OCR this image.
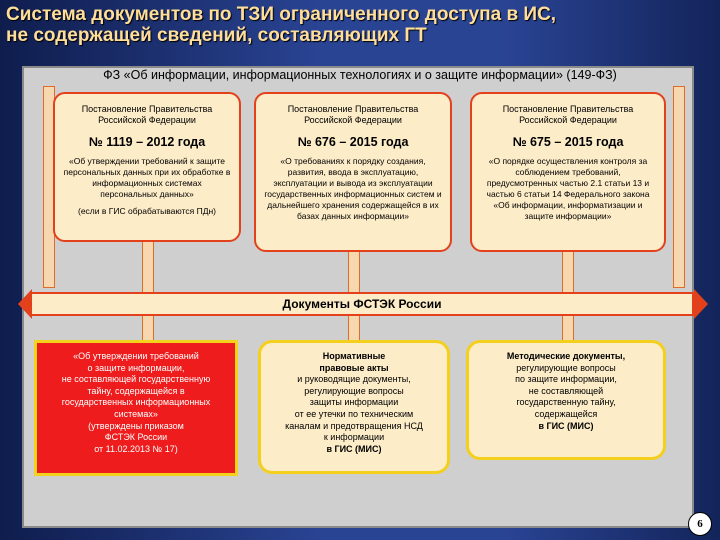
Система документов по ТЗИ ограниченного доступа в ИС,
не содержащей сведений, составляющих ГТ
ФЗ «Об информации, информационных технологиях и о защите информации» (149-ФЗ)
Постановление Правительства Российской Федерации
№ 1119 – 2012 года
«Об утверждении требований к защите персональных данных при их обработке в информационных системах персональных данных»
(если в ГИС обрабатываются ПДн)
Постановление Правительства Российской Федерации
№ 676 – 2015 года
«О требованиях к порядку создания, развития, ввода в эксплуатацию, эксплуатации и вывода из эксплуатации государственных информационных систем и дальнейшего хранения содержащейся в их базах данных информации»
Постановление Правительства Российской Федерации
№ 675 – 2015 года
«О порядке осуществления контроля за соблюдением требований, предусмотренных частью 2.1 статьи 13 и частью 6 статьи 14 Федерального закона «Об информации, информатизации и защите информации»
Документы ФСТЭК России
«Об утверждении требований
о защите информации,
не составляющей государственную
тайну, содержащейся в
государственных информационных
системах»
(утверждены приказом
ФСТЭК России
от 11.02.2013 № 17)
Нормативные
правовые акты
и руководящие документы,
регулирующие вопросы
защиты информации
от ее утечки по техническим
каналам и предотвращения НСД
к информации
в ГИС (МИС)
Методические документы,
регулирующие вопросы
по защите информации,
не составляющей
государственную тайну,
содержащейся
в ГИС (МИС)
6
